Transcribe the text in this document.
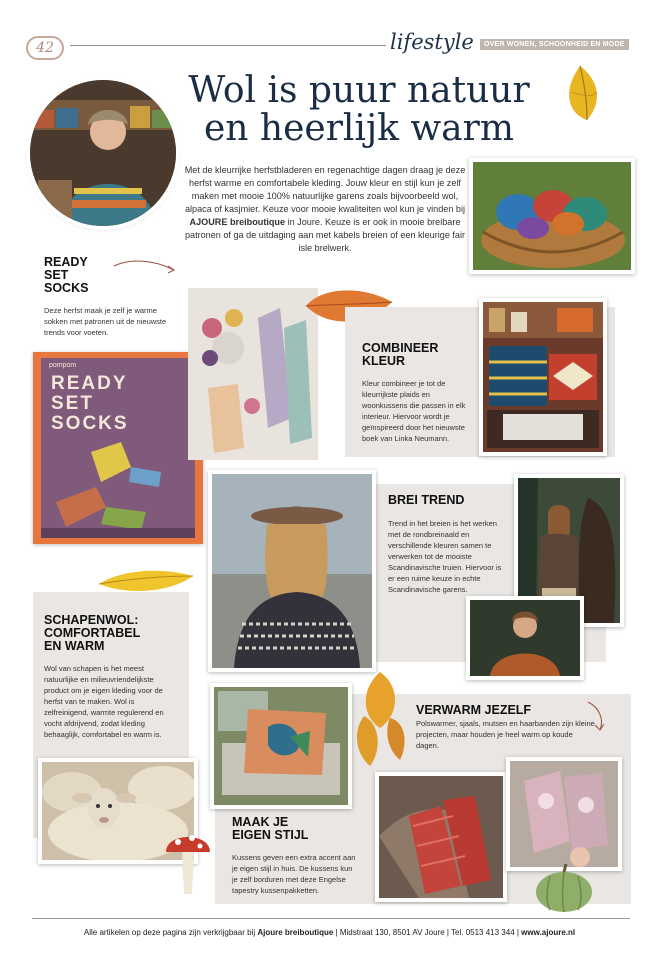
42	lifestyle	OVER WONEN, SCHOONHEID EN MODE
Wol is puur natuur
en heerlijk warm
Met de kleurrijke herfstbladeren en regenachtige dagen draag je deze herfst warme en comfortabele kleding. Jouw kleur en stijl kun je zelf maken met mooie 100% natuurlijke garens zoals bijvoorbeeld wol, alpaca of kasjmier. Keuze voor mooie kwaliteiten wol kun je vinden bij AJOURE breiboutique in Joure. Keuze is er ook in mooie breibare patronen of ga de uitdaging aan met kabels breien of een kleurige fair isle brelwerk.
READY
SET
SOCKS
Deze herfst maak je zelf je warme sokken met patronen uit de nieuwste trends voor voeten.
pompom
READY
SET
SOCKS
COMBINEER
KLEUR
Kleur combineer je tot de kleurrijkste plaids en woonkussens die passen in elk interieur. Hiervoor wordt je geïnspireerd door het nieuwste boek van Linka Neumann.
BREI TREND
Trend in het breien is het werken met de rondbreinaald en verschillende kleuren samen te verwerken tot de mooiste Scandinavische truien. Hiervoor is er een ruime keuze in echte Scandinavische garens.
SCHAPENWOL:
COMFORTABEL
EN WARM
Wol van schapen is het meest natuurlijke en milieuvriendelijkste product om je eigen kleding voor de herfst van te maken. Wol is zelfreinigend, warmte regulerend en vocht afdrijvend, zodat kleding behaaglijk, comfortabel en warm is.
MAAK JE
EIGEN STIJL
Kussens geven een extra accent aan je eigen stijl in huis. De kussens kun je zelf borduren met deze Engelse tapestry kussenpakketten.
VERWARM JEZELF
Polswarmer, sjaals, mutsen en haarbanden zijn kleine projecten, maar houden je heel warm op koude dagen.
Alle artikelen op deze pagina zijn verkrijgbaar bij Ajoure breiboutique | Midstraat 130, 8501 AV Joure | Tel. 0513 413 344 | www.ajoure.nl
